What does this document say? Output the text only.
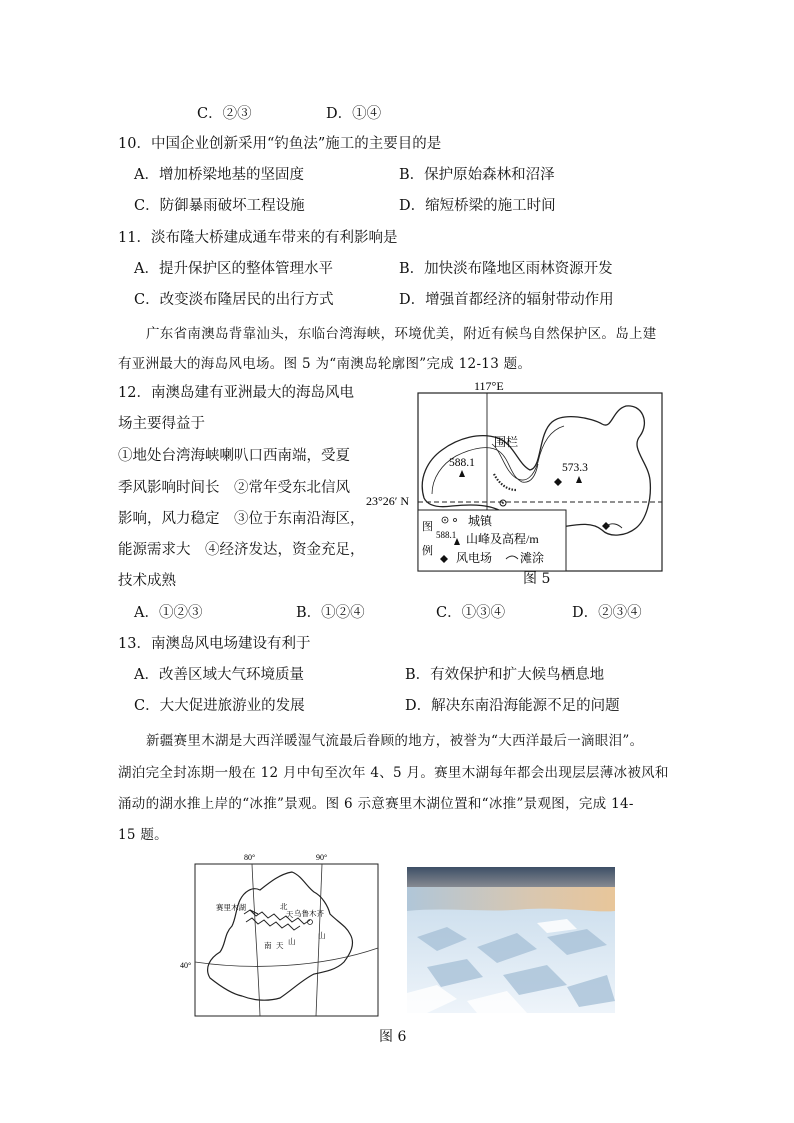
C．②③	D．①④
10．中国企业创新采用“钓鱼法”施工的主要目的是
A．增加桥梁地基的坚固度	B．保护原始森林和沼泽
C．防御暴雨破坏工程设施	D．缩短桥梁的施工时间
11．淡布隆大桥建成通车带来的有利影响是
A．提升保护区的整体管理水平	B．加快淡布隆地区雨林资源开发
C．改变淡布隆居民的出行方式	D．增强首都经济的辐射带动作用
广东省南澳岛背靠汕头，东临台湾海峡，环境优美，附近有候鸟自然保护区。岛上建
有亚洲最大的海岛风电场。图 5 为“南澳岛轮廓图”完成 12-13 题。
12．南澳岛建有亚洲最大的海岛风电
场主要得益于
①地处台湾海峡喇叭口西南端，受夏
季风影响时间长　②常年受东北信风
影响，风力稳定　③位于东南沿海区，
能源需求大　④经济发达，资金充足，
技术成熟
A．①②③	B．①②④	C．①③④	D．②③④
117°E
23°26′ N
围栏
588.1	573.3
图
例
城镇
588.1 山峰及高程/m
风电场 滩涂
图 5
13．南澳岛风电场建设有利于
A．改善区域大气环境质量	B．有效保护和扩大候鸟栖息地
C．大大促进旅游业的发展	D．解决东南沿海能源不足的问题
新疆赛里木湖是大西洋暖湿气流最后眷顾的地方，被誉为“大西洋最后一滴眼泪”。
湖泊完全封冻期一般在 12 月中旬至次年 4、5 月。赛里木湖每年都会出现层层薄冰被风和
涌动的湖水推上岸的“冰推”景观。图 6 示意赛里木湖位置和“冰推”景观图，完成 14-
15 题。
80°	90°
40°
赛里木湖	北
天 乌鲁木齐
南 天 山
山
图 6
